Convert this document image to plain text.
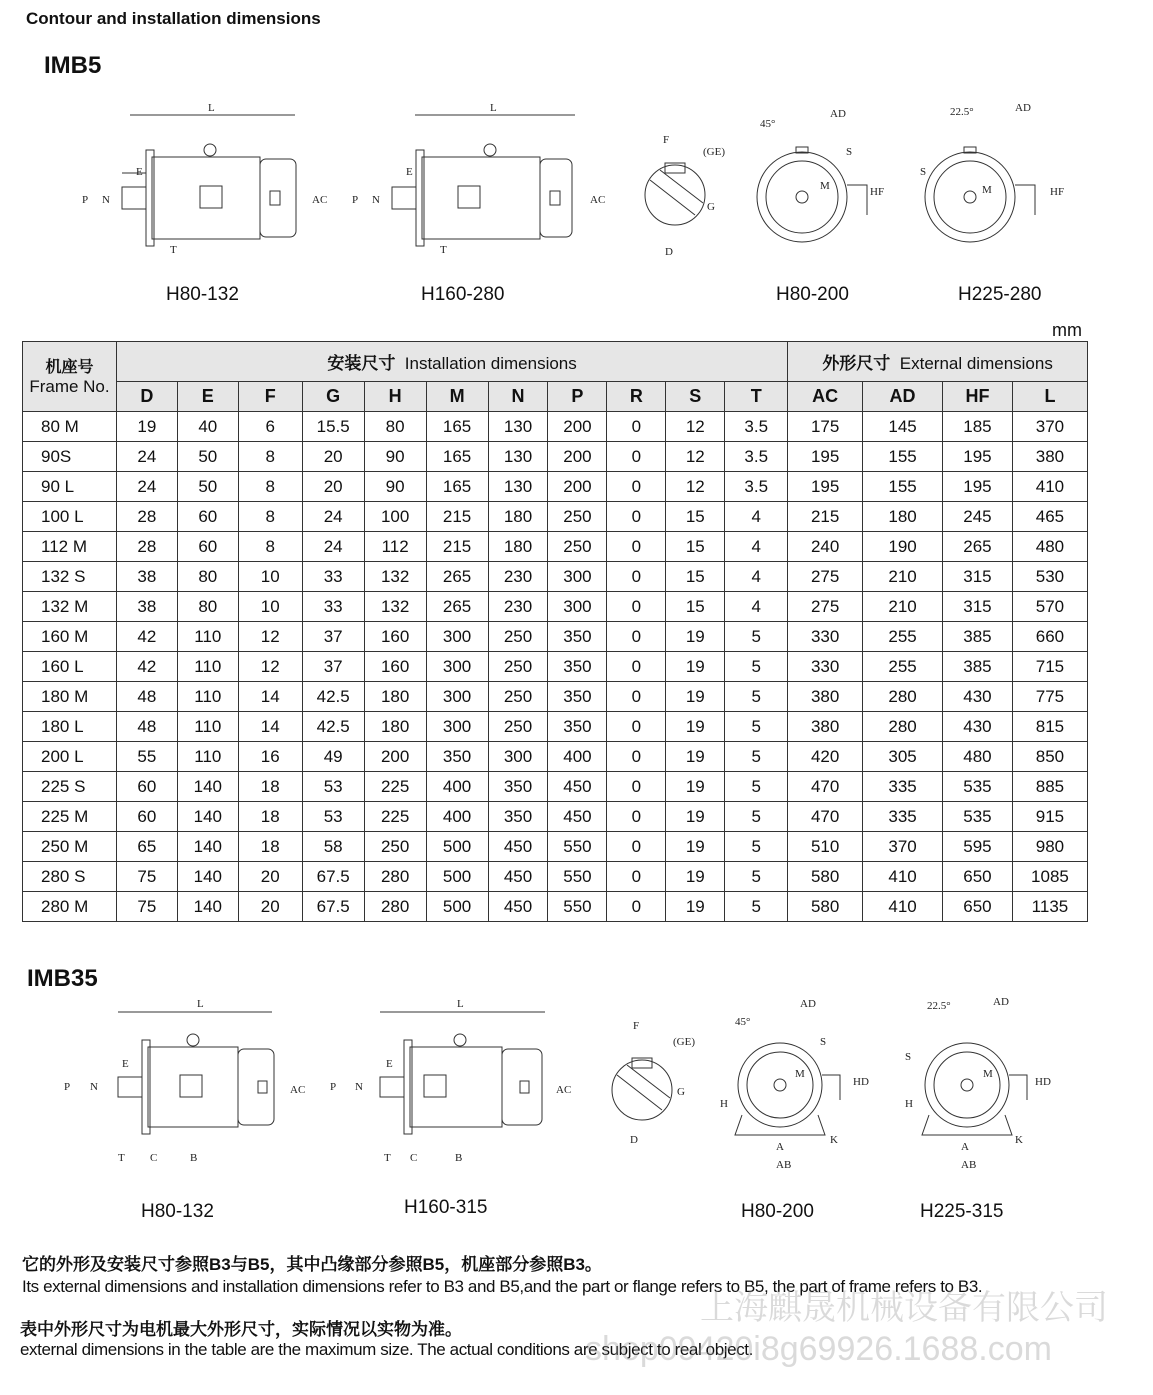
Contour and installation dimensions
IMB5
L
E
P N	AC
T
L
E
P N	AC
T
F
(GE)
G
D
45°
AD
S
M	HF
22.5°	AD
S
M	HF
H80-132	H160-280	H80-200	H225-280
mm
机座号
Frame No.	安装尺寸 Installation dimensions											外形尺寸 External dimensions			
	D	E	F	G	H	M	N	P	R	S	T	AC	AD	HF	L
80 M	19	40	6	15.5	80	165	130	200	0	12	3.5	175	145	185	370
90S	24	50	8	20	90	165	130	200	0	12	3.5	195	155	195	380
90 L	24	50	8	20	90	165	130	200	0	12	3.5	195	155	195	410
100 L	28	60	8	24	100	215	180	250	0	15	4	215	180	245	465
112 M	28	60	8	24	112	215	180	250	0	15	4	240	190	265	480
132 S	38	80	10	33	132	265	230	300	0	15	4	275	210	315	530
132 M	38	80	10	33	132	265	230	300	0	15	4	275	210	315	570
160 M	42	110	12	37	160	300	250	350	0	19	5	330	255	385	660
160 L	42	110	12	37	160	300	250	350	0	19	5	330	255	385	715
180 M	48	110	14	42.5	180	300	250	350	0	19	5	380	280	430	775
180 L	48	110	14	42.5	180	300	250	350	0	19	5	380	280	430	815
200 L	55	110	16	49	200	350	300	400	0	19	5	420	305	480	850
225 S	60	140	18	53	225	400	350	450	0	19	5	470	335	535	885
225 M	60	140	18	53	225	400	350	450	0	19	5	470	335	535	915
250 M	65	140	18	58	250	500	450	550	0	19	5	510	370	595	980
280 S	75	140	20	67.5	280	500	450	550	0	19	5	580	410	650	1085
280 M	75	140	20	67.5	280	500	450	550	0	19	5	580	410	650	1135
IMB35
L
E
P N	AC
T C	B
L
E
P N	AC
T C	B
F
(GE)
G
D
45°
AD
S
M
HD
H
A
AB
K
22.5°	AD
S
M
HD
H
A
AB
K
H80-132	H160-315	H80-200	H225-315
它的外形及安装尺寸参照B3与B5，其中凸缘部分参照B5，机座部分参照B3。
Its external dimensions and installation dimensions refer to B3 and B5,and the part or flange refers to B5, the part of frame refers to B3.
表中外形尺寸为电机最大外形尺寸，实际情况以实物为准。
external dimensions in the table are the maximum size. The actual conditions are subject to real object.
上海麒晟机械设备有限公司
shop09420i8g69926.1688.com
